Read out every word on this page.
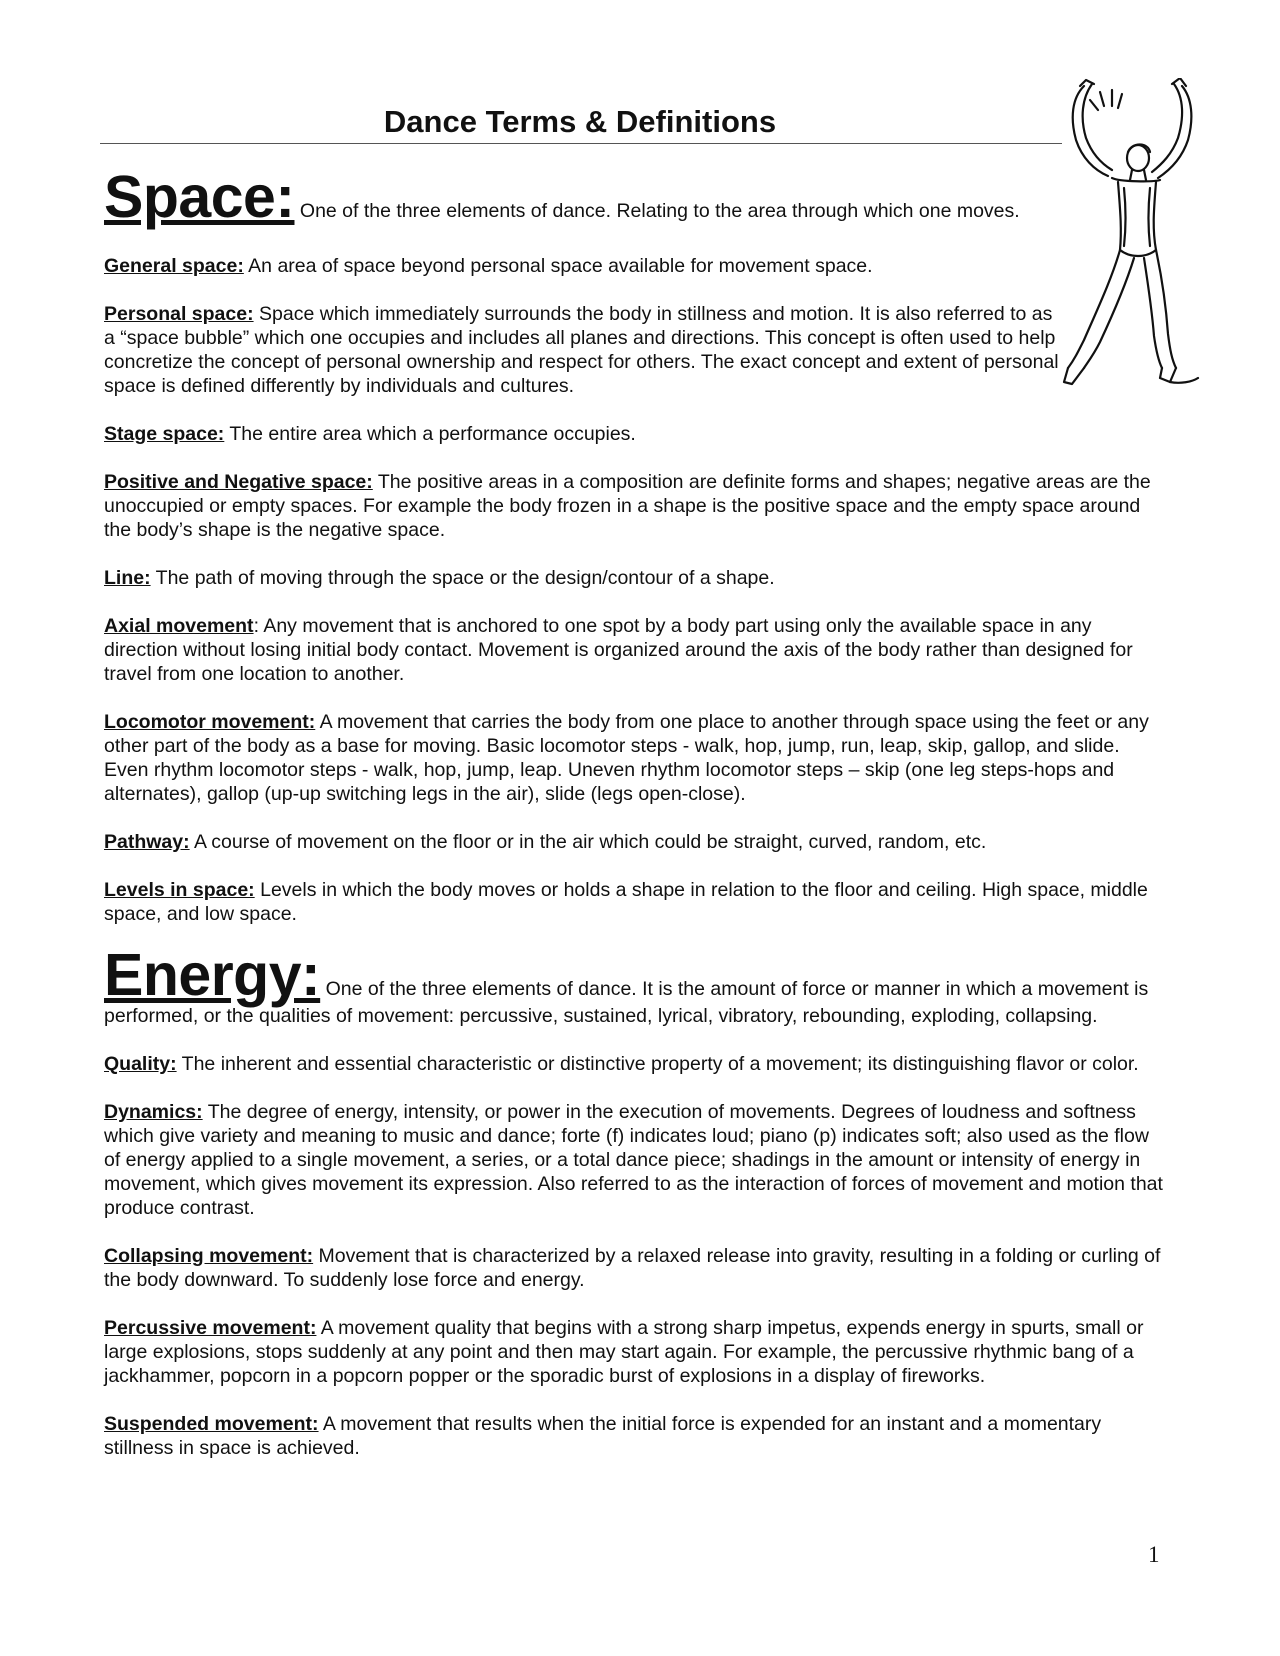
Dance Terms & Definitions
Space: One of the three elements of dance. Relating to the area through which one moves.

General space: An area of space beyond personal space available for movement space.

Personal space: Space which immediately surrounds the body in stillness and motion. It is also referred to as a “space bubble” which one occupies and includes all planes and directions. This concept is often used to help concretize the concept of personal ownership and respect for others. The exact concept and extent of personal space is defined differently by individuals and cultures.

Stage space: The entire area which a performance occupies.

Positive and Negative space: The positive areas in a composition are definite forms and shapes; negative areas are the unoccupied or empty spaces. For example the body frozen in a shape is the positive space and the empty space around the body’s shape is the negative space.

Line: The path of moving through the space or the design/contour of a shape.

Axial movement: Any movement that is anchored to one spot by a body part using only the available space in any direction without losing initial body contact. Movement is organized around the axis of the body rather than designed for travel from one location to another.

Locomotor movement: A movement that carries the body from one place to another through space using the feet or any other part of the body as a base for moving. Basic locomotor steps - walk, hop, jump, run, leap, skip, gallop, and slide. Even rhythm locomotor steps - walk, hop, jump, leap. Uneven rhythm locomotor steps – skip (one leg steps-hops and alternates), gallop (up-up switching legs in the air), slide (legs open-close).

Pathway: A course of movement on the floor or in the air which could be straight, curved, random, etc.

Levels in space: Levels in which the body moves or holds a shape in relation to the floor and ceiling. High space, middle space, and low space.

Energy: One of the three elements of dance. It is the amount of force or manner in which a movement is performed, or the qualities of movement: percussive, sustained, lyrical, vibratory, rebounding, exploding, collapsing.

Quality: The inherent and essential characteristic or distinctive property of a movement; its distinguishing flavor or color.

Dynamics: The degree of energy, intensity, or power in the execution of movements. Degrees of loudness and softness which give variety and meaning to music and dance; forte (f) indicates loud; piano (p) indicates soft; also used as the flow of energy applied to a single movement, a series, or a total dance piece; shadings in the amount or intensity of energy in movement, which gives movement its expression. Also referred to as the interaction of forces of movement and motion that produce contrast.

Collapsing movement: Movement that is characterized by a relaxed release into gravity, resulting in a folding or curling of the body downward. To suddenly lose force and energy.

Percussive movement: A movement quality that begins with a strong sharp impetus, expends energy in spurts, small or large explosions, stops suddenly at any point and then may start again. For example, the percussive rhythmic bang of a jackhammer, popcorn in a popcorn popper or the sporadic burst of explosions in a display of fireworks.

Suspended movement: A movement that results when the initial force is expended for an instant and a momentary stillness in space is achieved.

1
